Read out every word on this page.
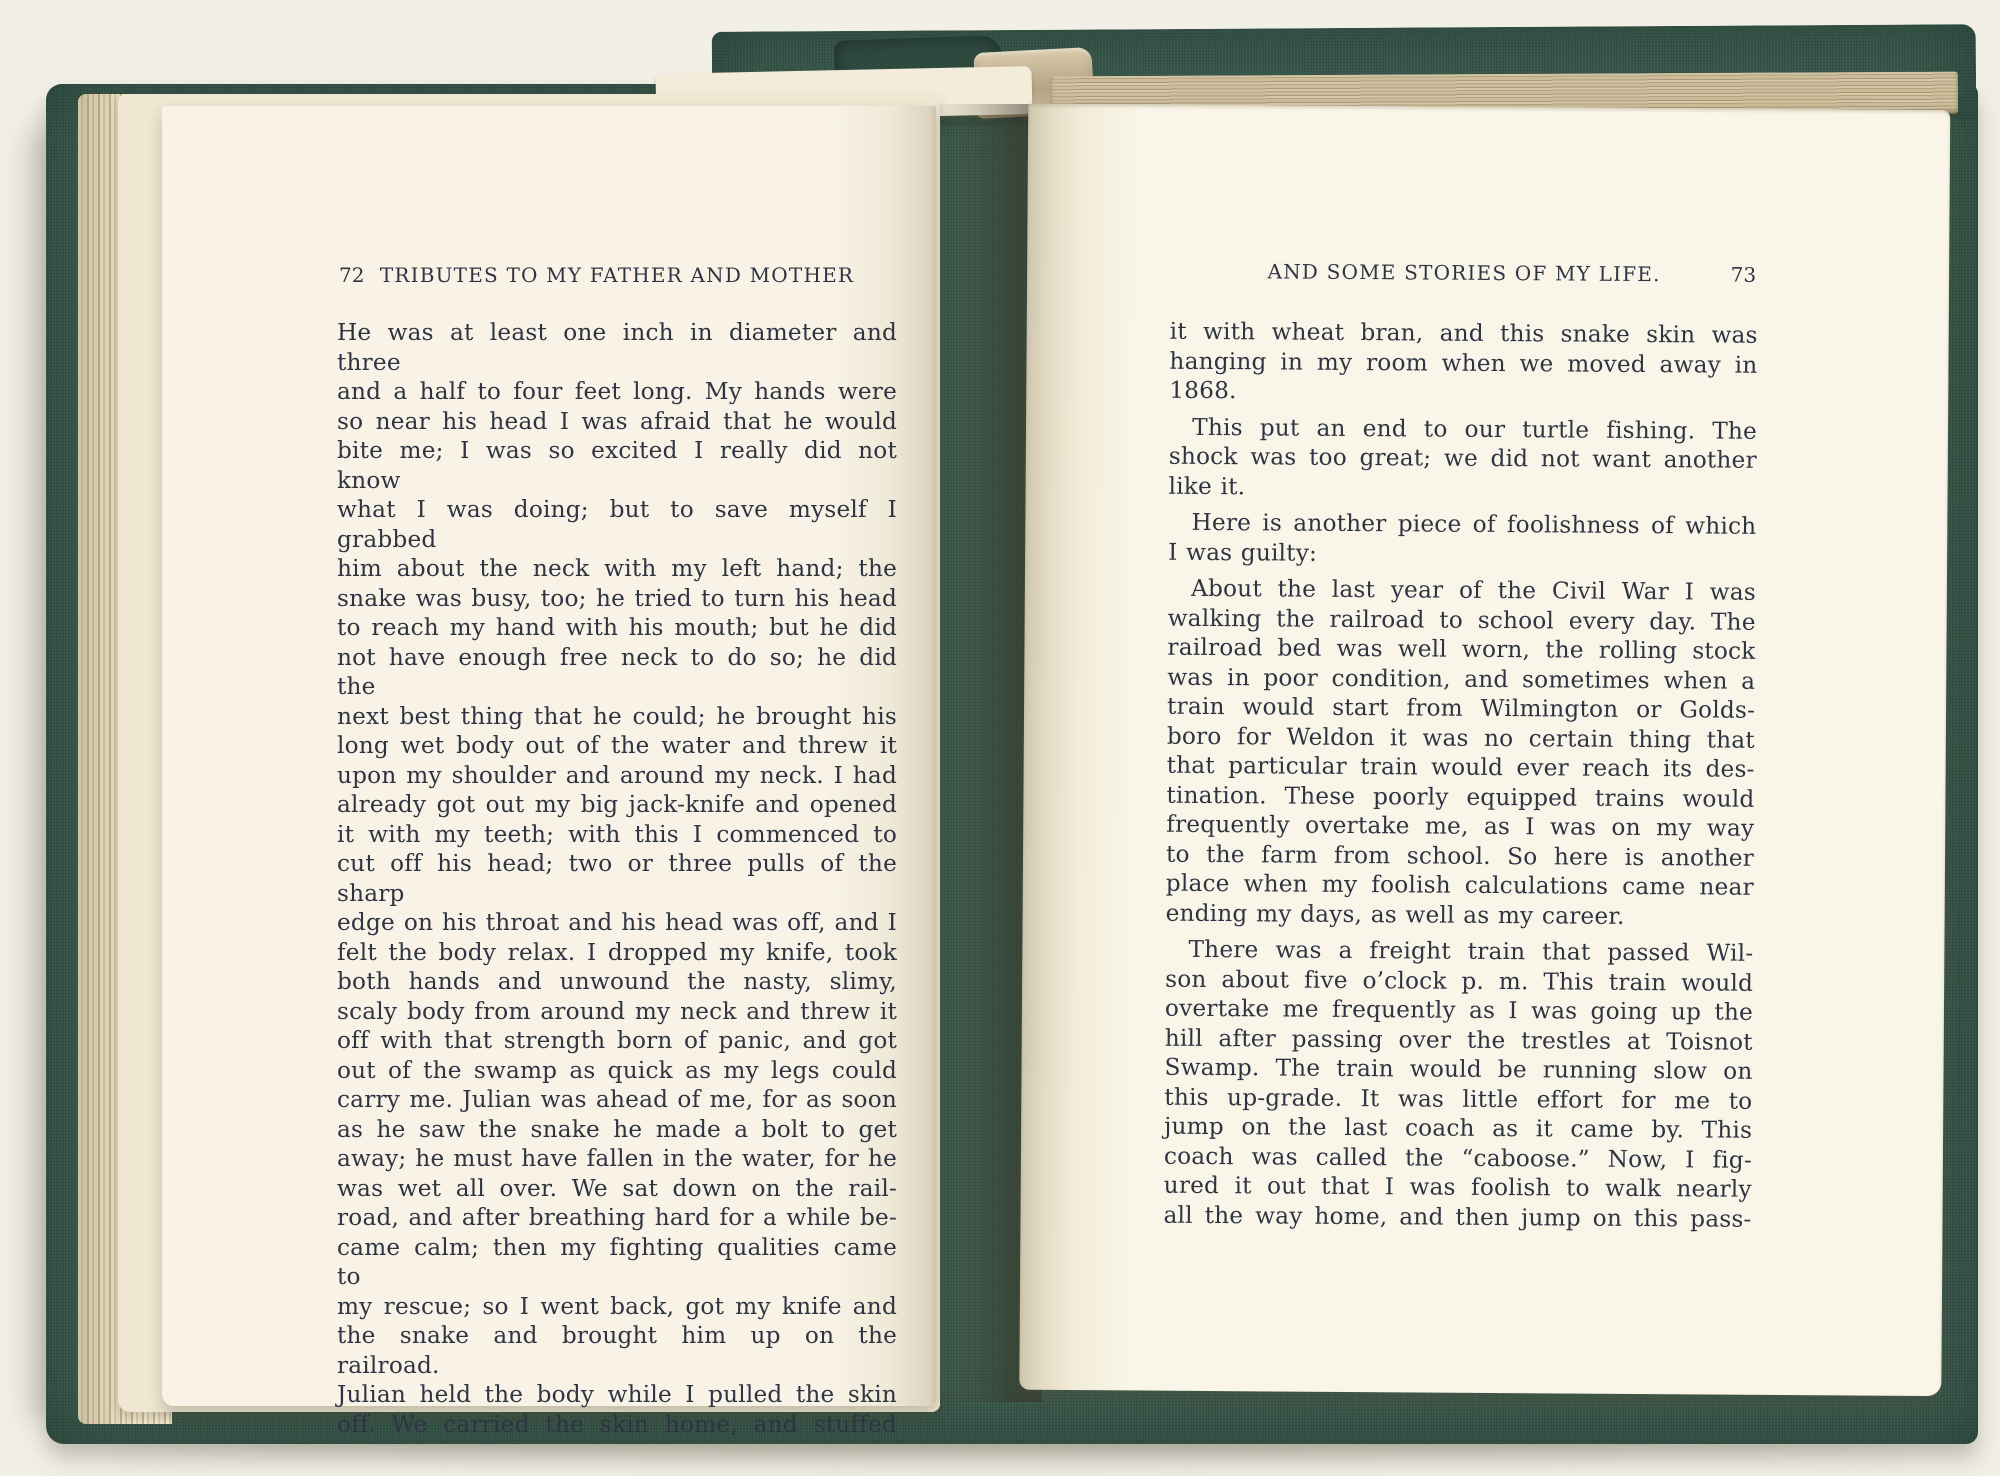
72 TRIBUTES TO MY FATHER AND MOTHER
He was at least one inch in diameter and three
and a half to four feet long. My hands were
so near his head I was afraid that he would
bite me; I was so excited I really did not know
what I was doing; but to save myself I grabbed
him about the neck with my left hand; the
snake was busy, too; he tried to turn his head
to reach my hand with his mouth; but he did
not have enough free neck to do so; he did the
next best thing that he could; he brought his
long wet body out of the water and threw it
upon my shoulder and around my neck. I had
already got out my big jack-knife and opened
it with my teeth; with this I commenced to
cut off his head; two or three pulls of the sharp
edge on his throat and his head was off, and I
felt the body relax. I dropped my knife, took
both hands and unwound the nasty, slimy,
scaly body from around my neck and threw it
off with that strength born of panic, and got
out of the swamp as quick as my legs could
carry me. Julian was ahead of me, for as soon
as he saw the snake he made a bolt to get
away; he must have fallen in the water, for he
was wet all over. We sat down on the rail-
road, and after breathing hard for a while be-
came calm; then my fighting qualities came to
my rescue; so I went back, got my knife and
the snake and brought him up on the railroad.
Julian held the body while I pulled the skin
off. We carried the skin home, and stuffed
AND SOME STORIES OF MY LIFE.	73
it with wheat bran, and this snake skin was
hanging in my room when we moved away in
1868.
This put an end to our turtle fishing. The
shock was too great; we did not want another
like it.
Here is another piece of foolishness of which
I was guilty:
About the last year of the Civil War I was
walking the railroad to school every day. The
railroad bed was well worn, the rolling stock
was in poor condition, and sometimes when a
train would start from Wilmington or Golds-
boro for Weldon it was no certain thing that
that particular train would ever reach its des-
tination. These poorly equipped trains would
frequently overtake me, as I was on my way
to the farm from school. So here is another
place when my foolish calculations came near
ending my days, as well as my career.
There was a freight train that passed Wil-
son about five o’clock p. m. This train would
overtake me frequently as I was going up the
hill after passing over the trestles at Toisnot
Swamp. The train would be running slow on
this up-grade. It was little effort for me to
jump on the last coach as it came by. This
coach was called the “caboose.” Now, I fig-
ured it out that I was foolish to walk nearly
all the way home, and then jump on this pass-
